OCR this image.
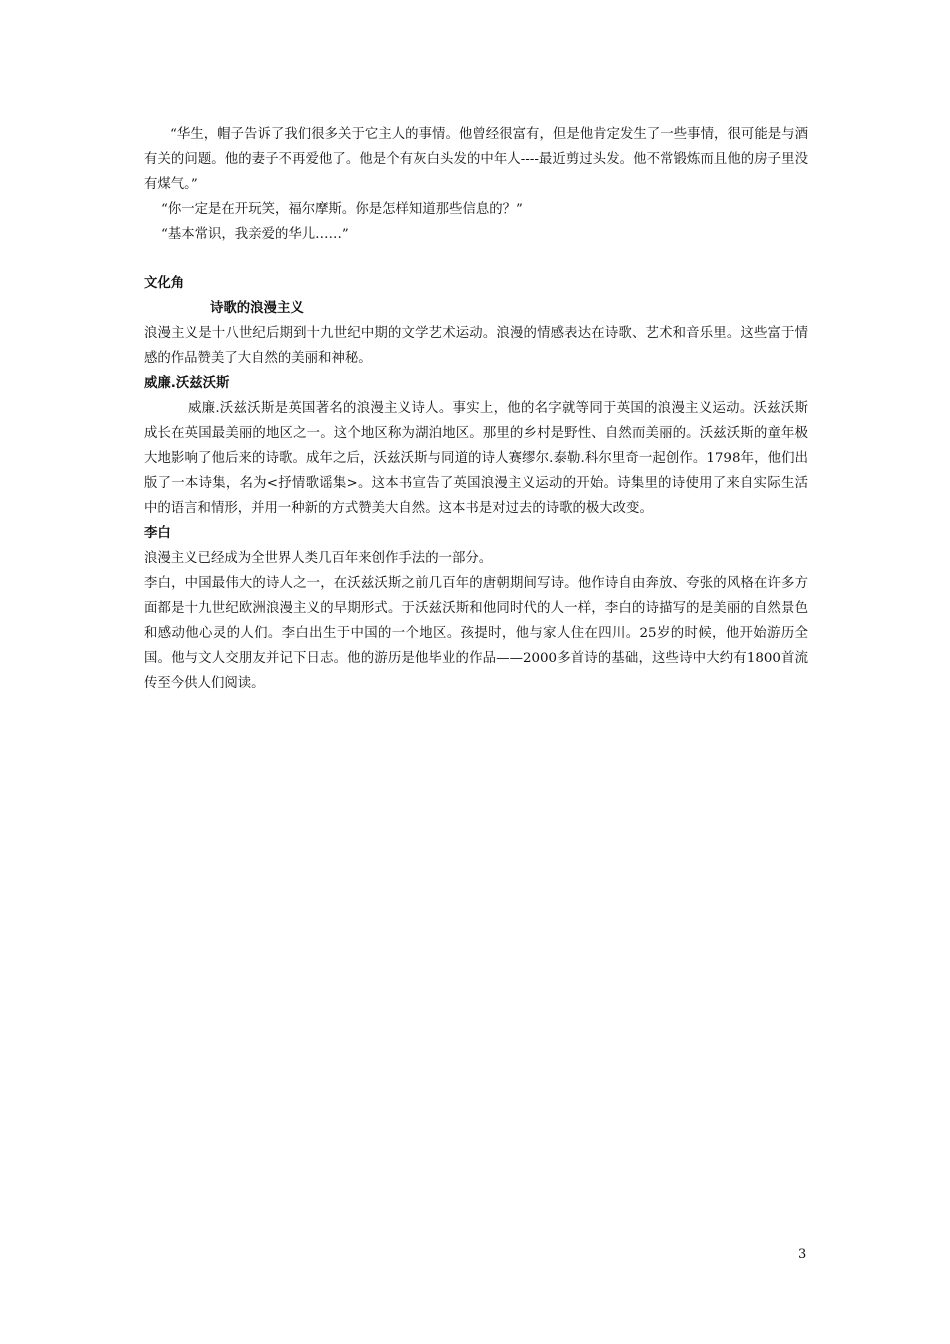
“华生，帽子告诉了我们很多关于它主人的事情。他曾经很富有，但是他肯定发生了一些事情，很可能是与酒有关的问题。他的妻子不再爱他了。他是个有灰白头发的中年人----最近剪过头发。他不常锻炼而且他的房子里没有煤气。”

“你一定是在开玩笑，福尔摩斯。你是怎样知道那些信息的？”

“基本常识，我亲爱的华儿……”

文化角

诗歌的浪漫主义

浪漫主义是十八世纪后期到十九世纪中期的文学艺术运动。浪漫的情感表达在诗歌、艺术和音乐里。这些富于情感的作品赞美了大自然的美丽和神秘。

威廉.沃兹沃斯

威廉.沃兹沃斯是英国著名的浪漫主义诗人。事实上，他的名字就等同于英国的浪漫主义运动。沃兹沃斯成长在英国最美丽的地区之一。这个地区称为湖泊地区。那里的乡村是野性、自然而美丽的。沃兹沃斯的童年极大地影响了他后来的诗歌。成年之后，沃兹沃斯与同道的诗人赛缪尔.泰勒.科尔里奇一起创作。1798年，他们出版了一本诗集，名为<抒情歌谣集>。这本书宣告了英国浪漫主义运动的开始。诗集里的诗使用了来自实际生活中的语言和情形，并用一种新的方式赞美大自然。这本书是对过去的诗歌的极大改变。

李白

浪漫主义已经成为全世界人类几百年来创作手法的一部分。

李白，中国最伟大的诗人之一，在沃兹沃斯之前几百年的唐朝期间写诗。他作诗自由奔放、夸张的风格在许多方面都是十九世纪欧洲浪漫主义的早期形式。于沃兹沃斯和他同时代的人一样，李白的诗描写的是美丽的自然景色和感动他心灵的人们。李白出生于中国的一个地区。孩提时，他与家人住在四川。25岁的时候，他开始游历全国。他与文人交朋友并记下日志。他的游历是他毕业的作品——2000多首诗的基础，这些诗中大约有1800首流传至今供人们阅读。

3
